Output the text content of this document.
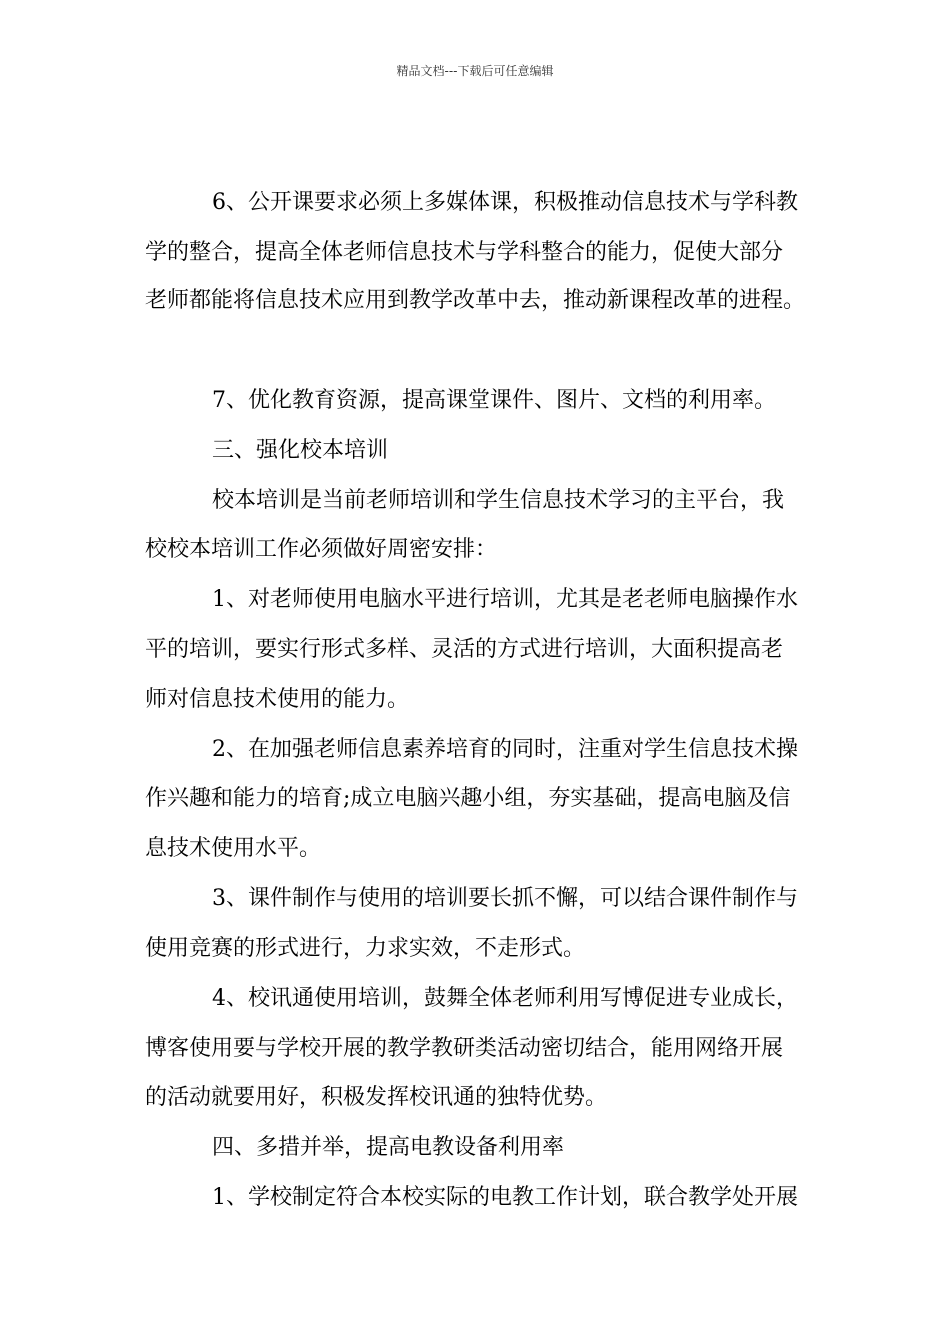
精品文档---下载后可任意编辑
6、公开课要求必须上多媒体课，积极推动信息技术与学科教
学的整合，提高全体老师信息技术与学科整合的能力，促使大部分
老师都能将信息技术应用到教学改革中去，推动新课程改革的进程。
7、优化教育资源，提高课堂课件、图片、文档的利用率。
三、强化校本培训
校本培训是当前老师培训和学生信息技术学习的主平台，我
校校本培训工作必须做好周密安排：
1、对老师使用电脑水平进行培训，尤其是老老师电脑操作水
平的培训，要实行形式多样、灵活的方式进行培训，大面积提高老
师对信息技术使用的能力。
2、在加强老师信息素养培育的同时，注重对学生信息技术操
作兴趣和能力的培育;成立电脑兴趣小组，夯实基础，提高电脑及信
息技术使用水平。
3、课件制作与使用的培训要长抓不懈，可以结合课件制作与
使用竞赛的形式进行，力求实效，不走形式。
4、校讯通使用培训，鼓舞全体老师利用写博促进专业成长，
博客使用要与学校开展的教学教研类活动密切结合，能用网络开展
的活动就要用好，积极发挥校讯通的独特优势。
四、多措并举，提高电教设备利用率
1、学校制定符合本校实际的电教工作计划，联合教学处开展
